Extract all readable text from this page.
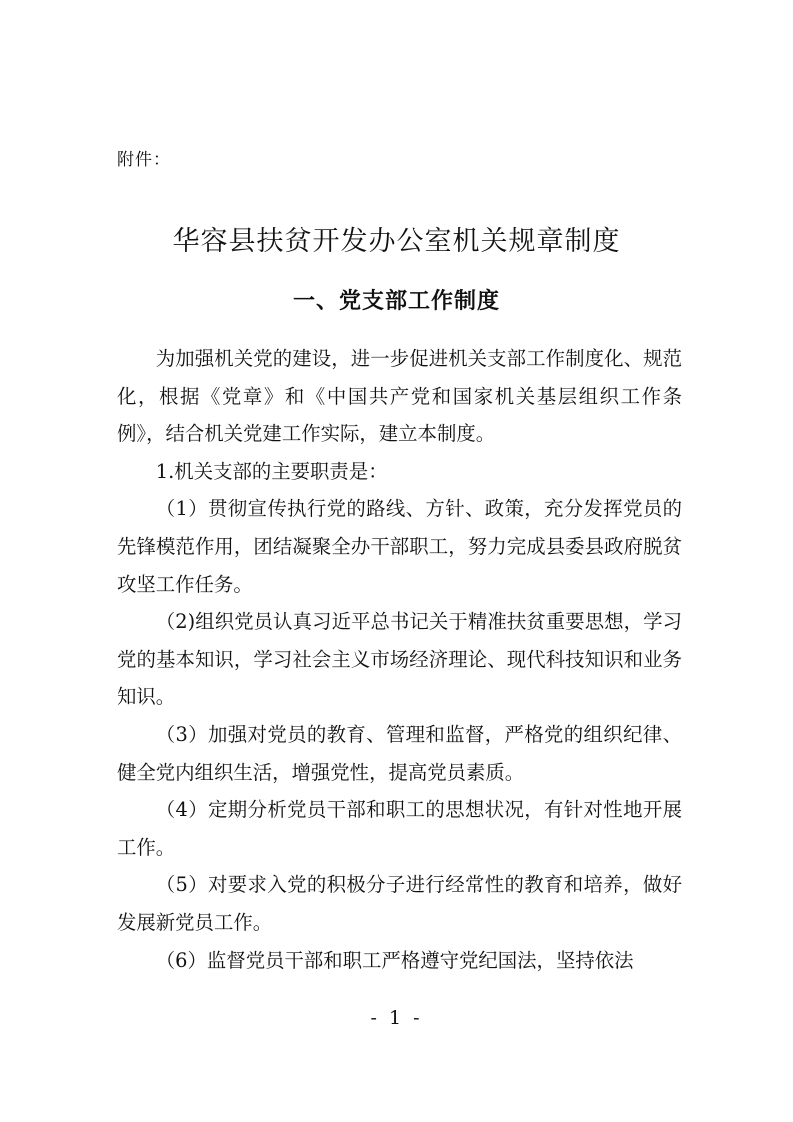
附件：
华容县扶贫开发办公室机关规章制度
一、党支部工作制度

为加强机关党的建设，进一步促进机关支部工作制度化、规范化，根据《党章》和《中国共产党和国家机关基层组织工作条例》，结合机关党建工作实际，建立本制度。

1.机关支部的主要职责是：

（1）贯彻宣传执行党的路线、方针、政策，充分发挥党员的先锋模范作用，团结凝聚全办干部职工，努力完成县委县政府脱贫攻坚工作任务。

（2)组织党员认真习近平总书记关于精准扶贫重要思想，学习党的基本知识，学习社会主义市场经济理论、现代科技知识和业务知识。

（3）加强对党员的教育、管理和监督，严格党的组织纪律、健全党内组织生活，增强党性，提高党员素质。

（4）定期分析党员干部和职工的思想状况，有针对性地开展工作。

（5）对要求入党的积极分子进行经常性的教育和培养，做好发展新党员工作。

（6）监督党员干部和职工严格遵守党纪国法，坚持依法

- 1 -
